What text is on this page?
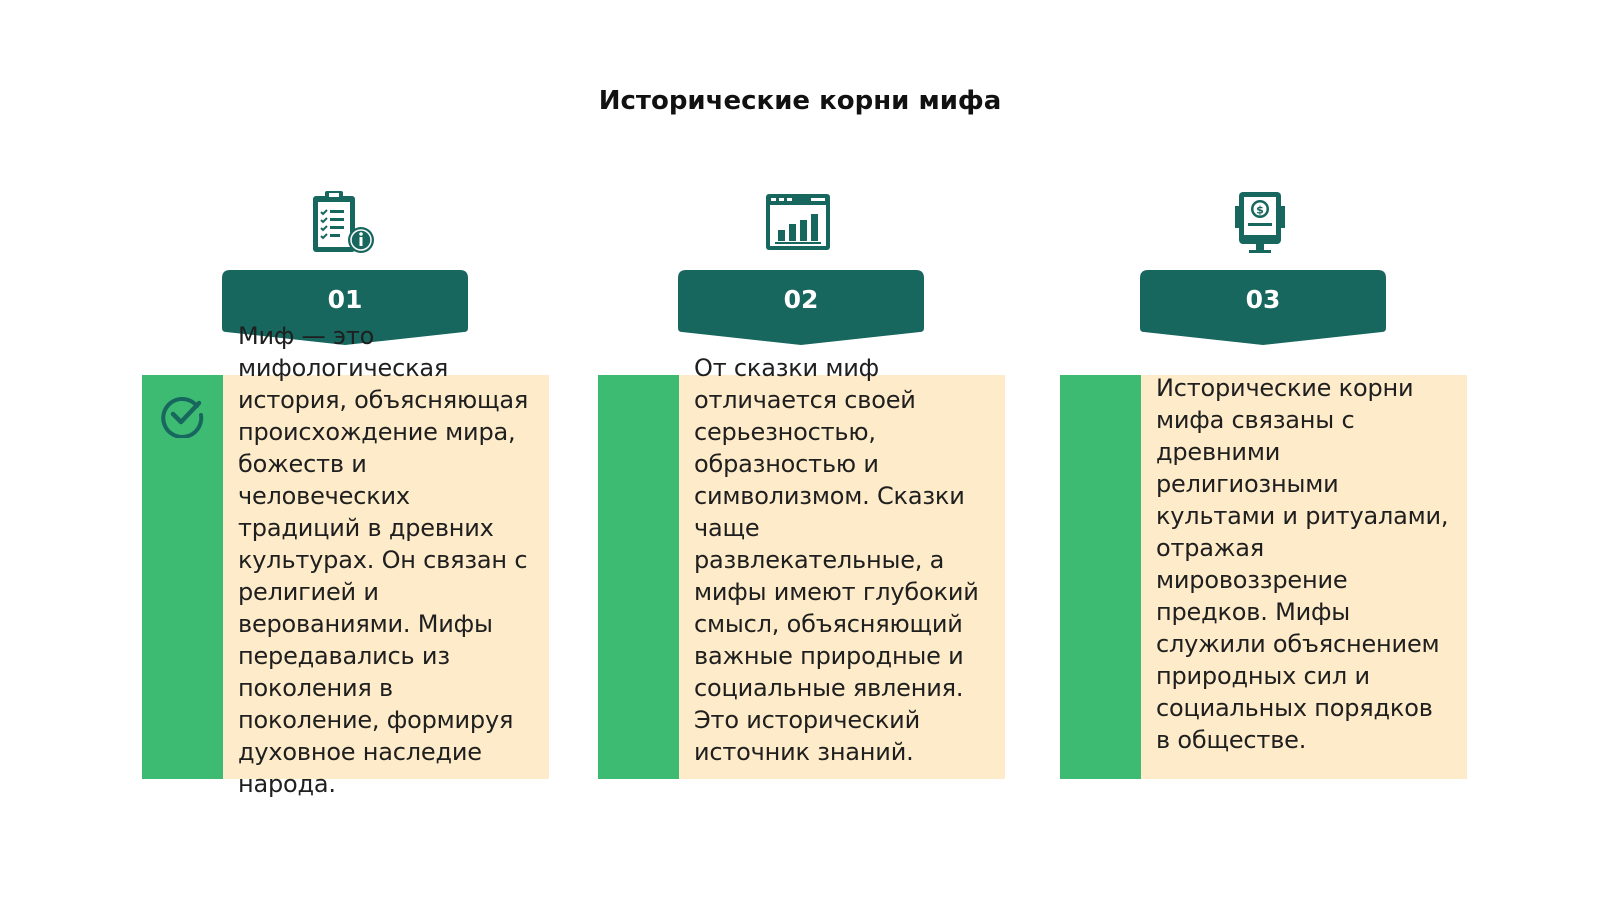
Исторические корни мифа
01

Миф — это мифологическая история, объясняющая происхождение мира, божеств и человеческих традиций в древних культурах. Он связан с религией и верованиями. Мифы передавались из поколения в поколение, формируя духовное наследие народа.

02

От сказки миф отличается своей серьезностью, образностью и символизмом. Сказки чаще развлекательные, а мифы имеют глубокий смысл, объясняющий важные природные и социальные явления. Это исторический источник знаний.

$
03

Исторические корни мифа связаны с древними религиозными культами и ритуалами, отражая мировоззрение предков. Мифы служили объяснением природных сил и социальных порядков в обществе.
